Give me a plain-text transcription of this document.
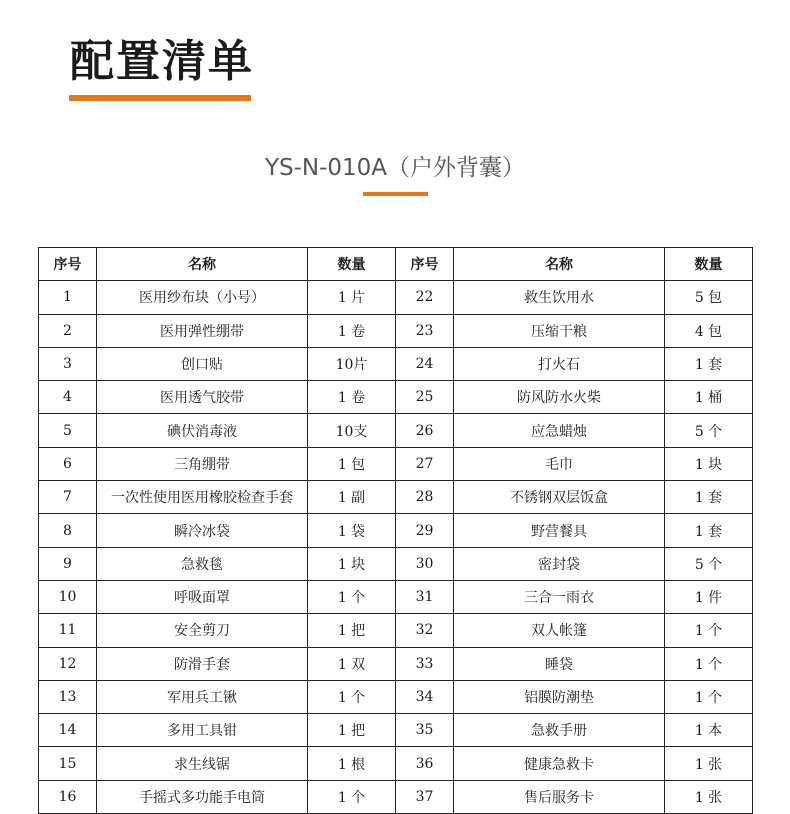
配置清单
YS-N-010A（户外背囊）
序号	名称	数量	序号	名称	数量
1	医用纱布块（小号）	1 片	22	救生饮用水	5 包
2	医用弹性绷带	1 卷	23	压缩干粮	4 包
3	创口贴	10片	24	打火石	1 套
4	医用透气胶带	1 卷	25	防风防水火柴	1 桶
5	碘伏消毒液	10支	26	应急蜡烛	5 个
6	三角绷带	1 包	27	毛巾	1 块
7	一次性使用医用橡胶检查手套	1 副	28	不锈钢双层饭盒	1 套
8	瞬冷冰袋	1 袋	29	野营餐具	1 套
9	急救毯	1 块	30	密封袋	5 个
10	呼吸面罩	1 个	31	三合一雨衣	1 件
11	安全剪刀	1 把	32	双人帐篷	1 个
12	防滑手套	1 双	33	睡袋	1 个
13	军用兵工锹	1 个	34	铝膜防潮垫	1 个
14	多用工具钳	1 把	35	急救手册	1 本
15	求生线锯	1 根	36	健康急救卡	1 张
16	手摇式多功能手电筒	1 个	37	售后服务卡	1 张
